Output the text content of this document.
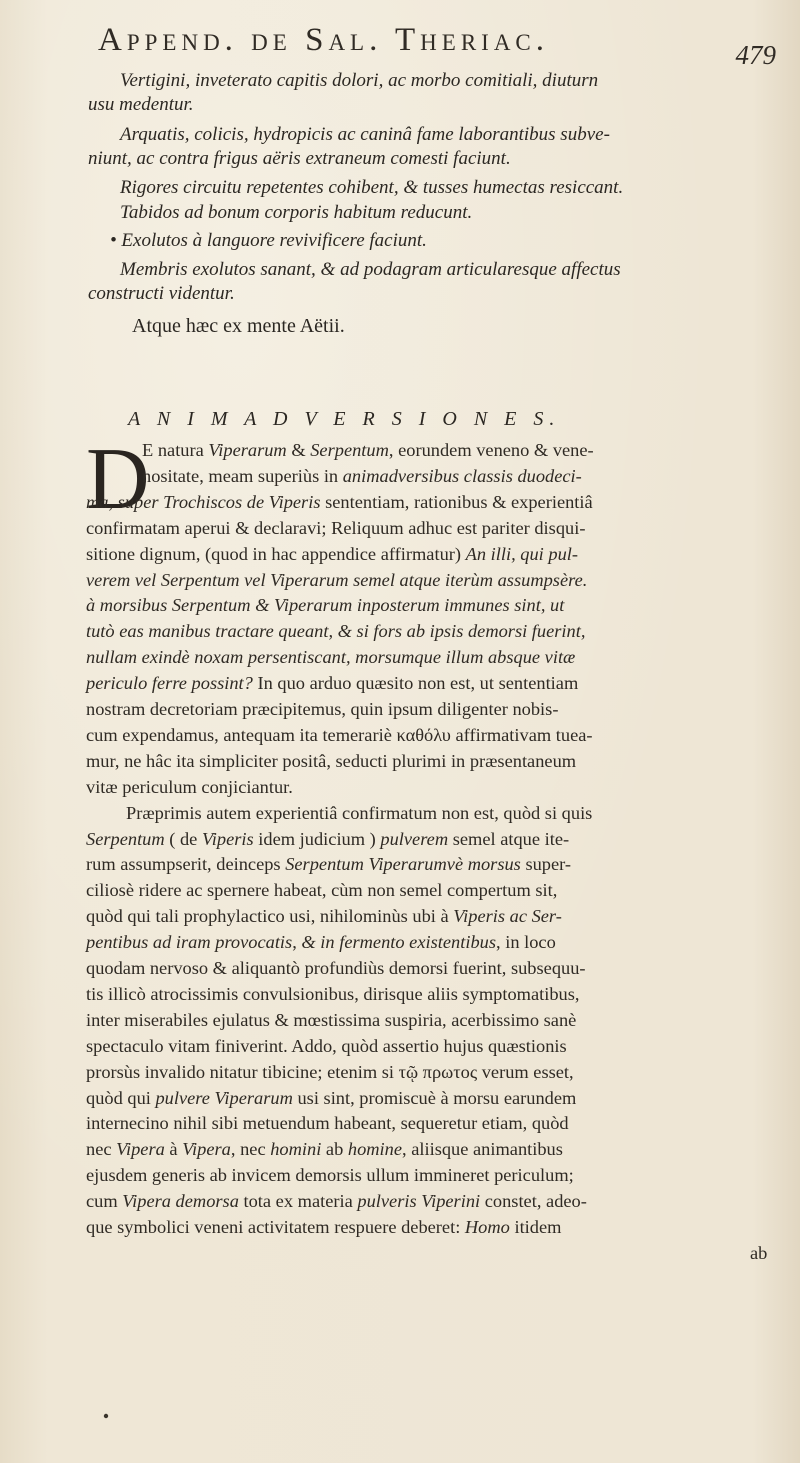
Append. de Sal. Theriac.	479
Vertigini, inveterato capitis dolori, ac morbo comitiali, diuturn
usu medentur.
Arquatis, colicis, hydropicis ac caninâ fame laborantibus subve-
niunt, ac contra frigus aëris extraneum comesti faciunt.
Rigores circuitu repetentes cohibent, & tusses humectas resiccant.
Tabidos ad bonum corporis habitum reducunt.
• Exolutos à languore revivificere faciunt.
Membris exolutos sanant, & ad podagram articularesque affectus
constructi videntur.
Atque hæc ex mente Aëtii.
A N I M A D V E R S I O N E S.
D
E natura Viperarum & Serpentum, eorundem veneno & vene-
nositate, meam superiùs in animadversibus classis duodeci-
ma, super Trochiscos de Viperis sententiam, rationibus & experientiâ
confirmatam aperui & declaravi; Reliquum adhuc est pariter disqui-
sitione dignum, (quod in hac appendice affirmatur) An illi, qui pul-
verem vel Serpentum vel Viperarum semel atque iterùm assumpsère.
à morsibus Serpentum & Viperarum inposterum immunes sint, ut
tutò eas manibus tractare queant, & si fors ab ipsis demorsi fuerint,
nullam exindè noxam persentiscant, morsumque illum absque vitæ
periculo ferre possint? In quo arduo quæsito non est, ut sententiam
nostram decretoriam præcipitemus, quin ipsum diligenter nobis-
cum expendamus, antequam ita temerariè καθόλυ affirmativam tuea-
mur, ne hâc ita simpliciter positâ, seducti plurimi in præsentaneum
vitæ periculum conjiciantur.
Præprimis autem experientiâ confirmatum non est, quòd si quis
Serpentum ( de Viperis idem judicium ) pulverem semel atque ite-
rum assumpserit, deinceps Serpentum Viperarumvè morsus super-
ciliosè ridere ac spernere habeat, cùm non semel compertum sit,
quòd qui tali prophylactico usi, nihilominùs ubi à Viperis ac Ser-
pentibus ad iram provocatis, & in fermento existentibus, in loco
quodam nervoso & aliquantò profundiùs demorsi fuerint, subsequu-
tis illicò atrocissimis convulsionibus, dirisque aliis symptomatibus,
inter miserabiles ejulatus & mœstissima suspiria, acerbissimo sanè
spectaculo vitam finiverint. Addo, quòd assertio hujus quæstionis
prorsùs invalido nitatur tibicine; etenim si τῷ πρωτος verum esset,
quòd qui pulvere Viperarum usi sint, promiscuè à morsu earundem
internecino nihil sibi metuendum habeant, sequeretur etiam, quòd
nec Vipera à Vipera, nec homini ab homine, aliisque animantibus
ejusdem generis ab invicem demorsis ullum immineret periculum;
cum Vipera demorsa tota ex materia pulveris Viperini constet, adeo-
que symbolici veneni activitatem respuere deberet: Homo itidem
ab
